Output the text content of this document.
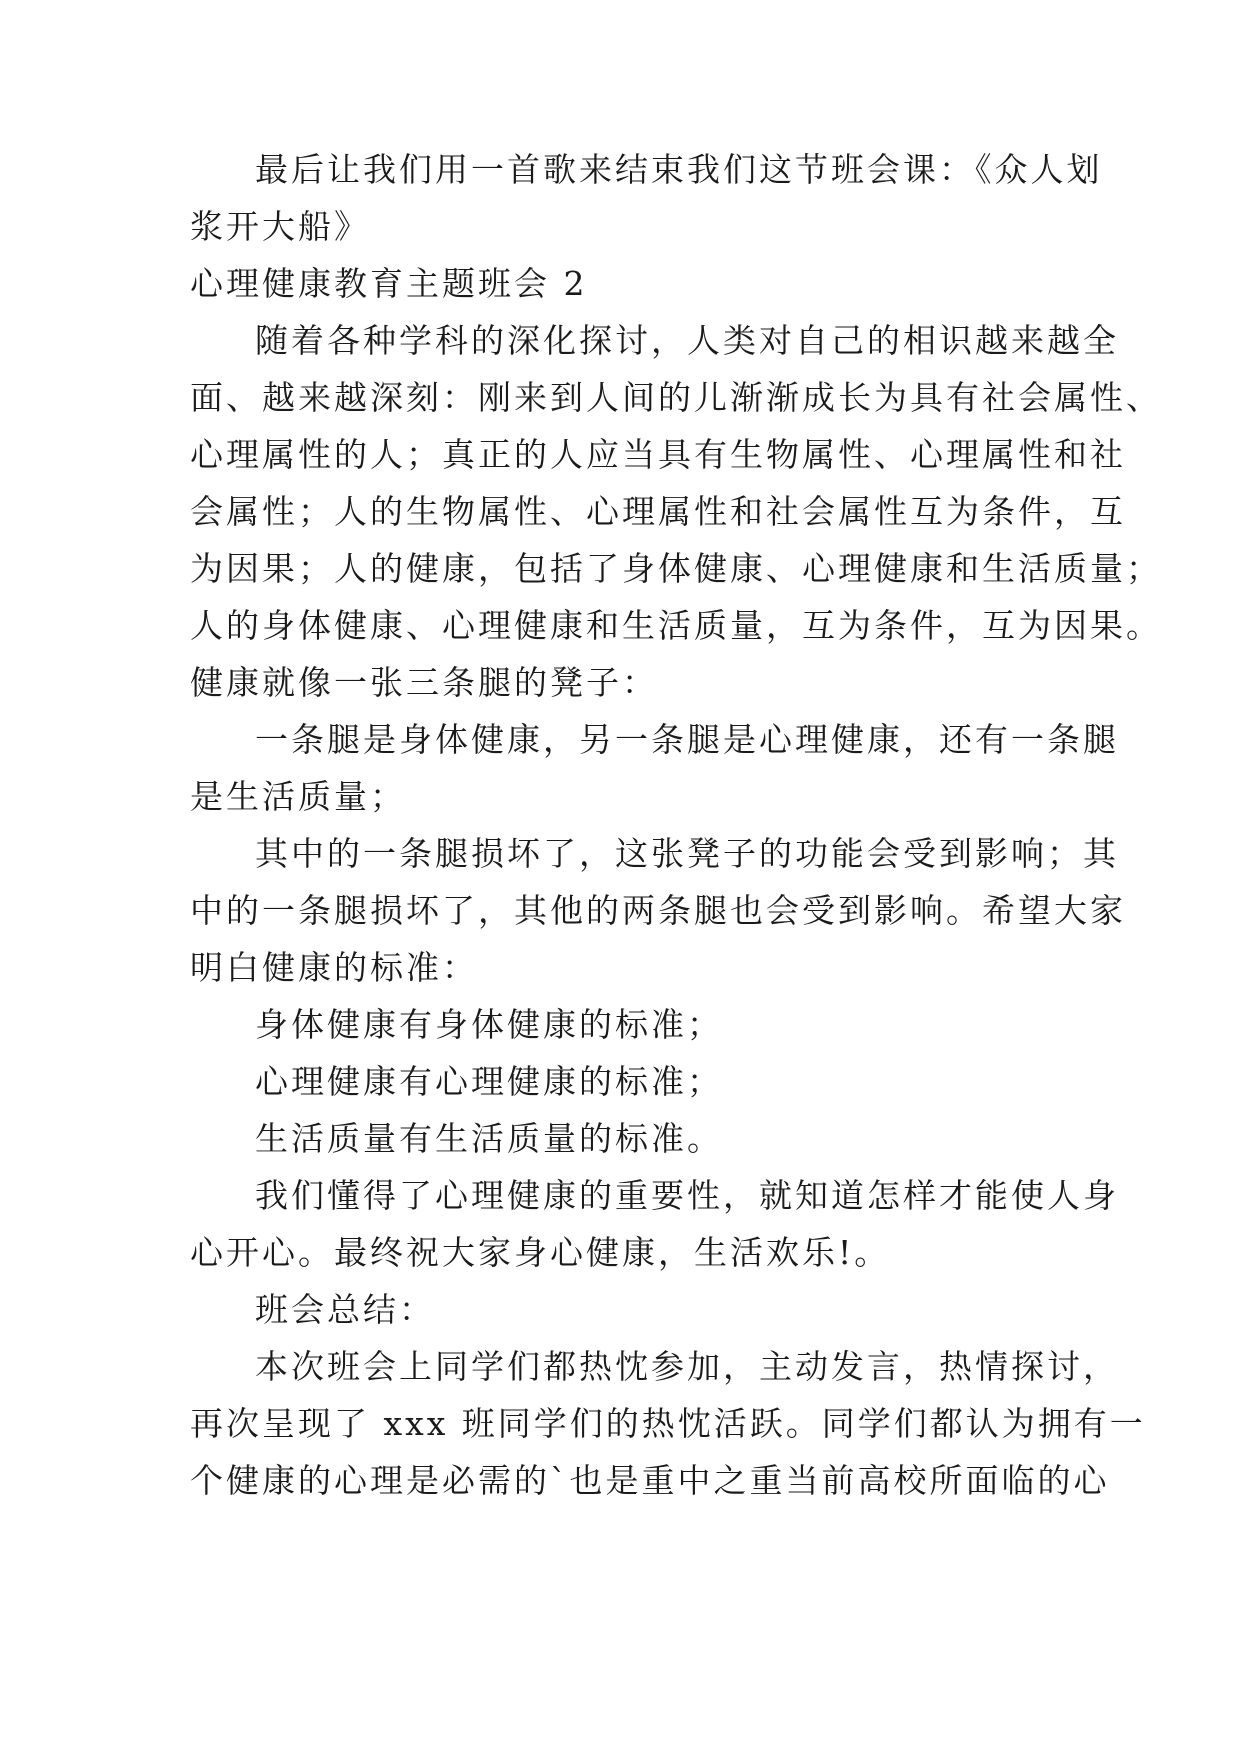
最后让我们用一首歌来结束我们这节班会课：《众人划
浆开大船》
心理健康教育主题班会 2
随着各种学科的深化探讨，人类对自己的相识越来越全
面、越来越深刻：刚来到人间的儿渐渐成长为具有社会属性、
心理属性的人；真正的人应当具有生物属性、心理属性和社
会属性；人的生物属性、心理属性和社会属性互为条件，互
为因果；人的健康，包括了身体健康、心理健康和生活质量；
人的身体健康、心理健康和生活质量，互为条件，互为因果。
健康就像一张三条腿的凳子：
一条腿是身体健康，另一条腿是心理健康，还有一条腿
是生活质量；
其中的一条腿损坏了，这张凳子的功能会受到影响；其
中的一条腿损坏了，其他的两条腿也会受到影响。希望大家
明白健康的标准：
身体健康有身体健康的标准；
心理健康有心理健康的标准；
生活质量有生活质量的标准。
我们懂得了心理健康的重要性，就知道怎样才能使人身
心开心。最终祝大家身心健康，生活欢乐!。
班会总结：
本次班会上同学们都热忱参加，主动发言，热情探讨，
再次呈现了 xxx 班同学们的热忱活跃。同学们都认为拥有一
个健康的心理是必需的`也是重中之重当前高校所面临的心
